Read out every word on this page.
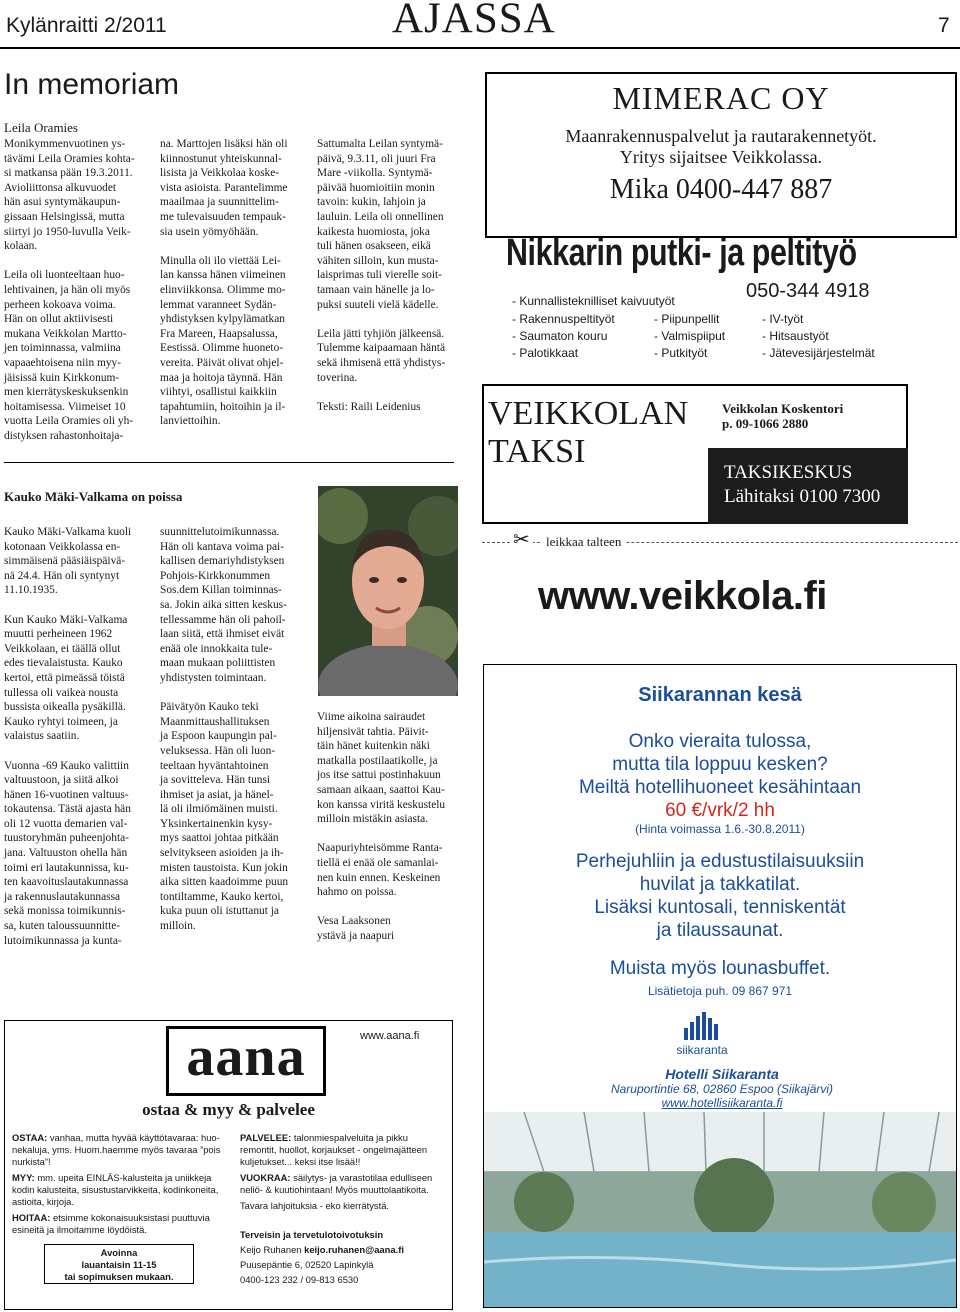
Kylänraitti 2/2011	AJASSA	7
In memoriam
Leila Oramies
Monikymmenvuotinen ys-
tävämi Leila Oramies kohta-
si matkansa pään 19.3.2011.
Avioliittonsa alkuvuodet
hän asui syntymäkaupun-
gissaan Helsingissä, mutta
siirtyi jo 1950-luvulla Veik-
kolaan.

Leila oli luonteeltaan huo-
lehtivainen, ja hän oli myös
perheen kokoava voima.
Hän on ollut aktiivisesti
mukana Veikkolan Martto-
jen toiminnassa, valmiina
vapaaehtoisena niin myy-
jäisissä kuin Kirkkonum-
men kierrätyskeskuksenkin
hoitamisessa. Viimeiset 10
vuotta Leila Oramies oli yh-
distyksen rahastonhoitaja-
na. Marttojen lisäksi hän oli
kiinnostunut yhteiskunnal-
lisista ja Veikkolaa koske-
vista asioista. Parantelimme
maailmaa ja suunnittelim-
me tulevaisuuden tempauk-
sia usein yömyöhään.

Minulla oli ilo viettää Lei-
lan kanssa hänen viimeinen
elinviikkonsa. Olimme mo-
lemmat varanneet Sydän-
yhdistyksen kylpylämatkan
Fra Mareen, Haapsalussa,
Eestissä. Olimme huoneto-
vereita. Päivät olivat ohjel-
maa ja hoitoja täynnä. Hän
viihtyi, osallistui kaikkiin
tapahtumiin, hoitoihin ja il-
lanviettoihin.
Sattumalta Leilan syntymä-
päivä, 9.3.11, oli juuri Fra
Mare -viikolla. Syntymä-
päivää huomioitiin monin
tavoin: kukin, lahjoin ja
lauluin. Leila oli onnellinen
kaikesta huomiosta, joka
tuli hänen osakseen, eikä
vähiten silloin, kun musta-
laisprimas tuli vierelle soit-
tamaan vain hänelle ja lo-
puksi suuteli vielä kädelle.

Leila jätti tyhjiön jälkeensä.
Tulemme kaipaamaan häntä
sekä ihmisenä että yhdistys-
toverina.

Teksti: Raili Leidenius
Kauko Mäki-Valkama on poissa
Kauko Mäki-Valkama kuoli
kotonaan Veikkolassa en-
simmäisenä pääsiäispäivä-
nä 24.4. Hän oli syntynyt
11.10.1935.

Kun Kauko Mäki-Valkama
muutti perheineen 1962
Veikkolaan, ei täällä ollut
edes tievalaistusta. Kauko
kertoi, että pimeässä töistä
tullessa oli vaikea nousta
bussista oikealla pysäkillä.
Kauko ryhtyi toimeen, ja
valaistus saatiin.

Vuonna -69 Kauko valittiin
valtuustoon, ja siitä alkoi
hänen 16-vuotinen valtuus-
tokautensa. Tästä ajasta hän
oli 12 vuotta demarien val-
tuustoryhmän puheenjohta-
jana. Valtuuston ohella hän
toimi eri lautakunnissa, ku-
ten kaavoituslautakunnassa
ja rakennuslautakunnassa
sekä monissa toimikunnis-
sa, kuten taloussuunnitte-
lutoimikunnassa ja kunta-
suunnittelutoimikunnassa.
Hän oli kantava voima pai-
kallisen demariyhdistyksen
Pohjois-Kirkkonummen
Sos.dem Killan toiminnas-
sa. Jokin aika sitten keskus-
tellessamme hän oli pahoil-
laan siitä, että ihmiset eivät
enää ole innokkaita tule-
maan mukaan poliittisten
yhdistysten toimintaan.

Päivätyön Kauko teki
Maanmittaushallituksen
ja Espoon kaupungin pal-
veluksessa. Hän oli luon-
teeltaan hyväntahtoinen
ja sovitteleva. Hän tunsi
ihmiset ja asiat, ja hänel-
lä oli ilmiömäinen muisti.
Yksinkertainenkin kysy-
mys saattoi johtaa pitkään
selvitykseen asioiden ja ih-
misten taustoista. Kun jokin
aika sitten kaadoimme puun
tontiltamme, Kauko kertoi,
kuka puun oli istuttanut ja
milloin.
Viime aikoina sairaudet
hiljensivät tahtia. Päivit-
täin hänet kuitenkin näki
matkalla postilaatikolle, ja
jos itse sattui postinhakuun
samaan aikaan, saattoi Kau-
kon kanssa viritä keskustelu
milloin mistäkin asiasta.

Naapuriyhteisömme Ranta-
tiellä ei enää ole samanlai-
nen kuin ennen. Keskeinen
hahmo on poissa.

Vesa Laaksonen
ystävä ja naapuri
MIMERAC OY
Maanrakennuspalvelut ja rautarakennetyöt.
Yritys sijaitsee Veikkolassa.
Mika 0400-447 887
Nikkarin putki- ja peltityö
050-344 4918
- Kunnallisteknilliset kaivuutyöt
- Rakennuspeltityöt	- Piipunpellit	- IV-työt
- Saumaton kouru	- Valmispiiput	- Hitsaustyöt
- Palotikkaat	- Putkityöt	- Jätevesijärjestelmät
VEIKKOLAN
TAKSI
Veikkolan Koskentori
p. 09-1066 2880
TAKSIKESKUS
Lähitaksi 0100 7300
✂	leikkaa talteen
www.veikkola.fi
Siikarannan kesä
Onko vieraita tulossa,
mutta tila loppuu kesken?
Meiltä hotellihuoneet kesähintaan
60 €/vrk/2 hh
(Hinta voimassa 1.6.-30.8.2011)
Perhejuhliin ja edustustilaisuuksiin
huvilat ja takkatilat.
Lisäksi kuntosali, tenniskentät
ja tilaussaunat.
Muista myös lounasbuffet.
Lisätietoja puh. 09 867 971
siikaranta
Hotelli Siikaranta
Naruportintie 68, 02860 Espoo (Siikajärvi)
www.hotellisiikaranta.fi
www.aana.fi
aana
ostaa & myy & palvelee
OSTAA: vanhaa, mutta hyvää käyttötavaraa: huo-
nekaluja, yms. Huom.haemme myös tavaraa ”pois
nurkista”!
MYY: mm. upeita EINLÄS-kalusteita ja uniikkeja
kodin kalusteita, sisustustarvikkeita, kodinkoneita,
astioita, kirjoja.
HOITAA: etsimme kokonaisuuksistasi puuttuvia
esineitä ja ilmoitamme löydöistä.
Avoinna
lauantaisin 11-15
tai sopimuksen mukaan.
PALVELEE: talonmiespalveluita ja pikku
remontit, huollot, korjaukset - ongelmajätteen
kuljetukset... keksi itse lisää!!
VUOKRAA: säilytys- ja varastotilaa edulliseen
neliö- & kuutiohintaan! Myös muuttolaatikoita.
Tavara lahjoituksia - eko kierrätystä.
Terveisin ja tervetulotoivotuksin
Keijo Ruhanen keijo.ruhanen@aana.fi
Puusepäntie 6, 02520 Lapinkylä
0400-123 232 / 09-813 6530
